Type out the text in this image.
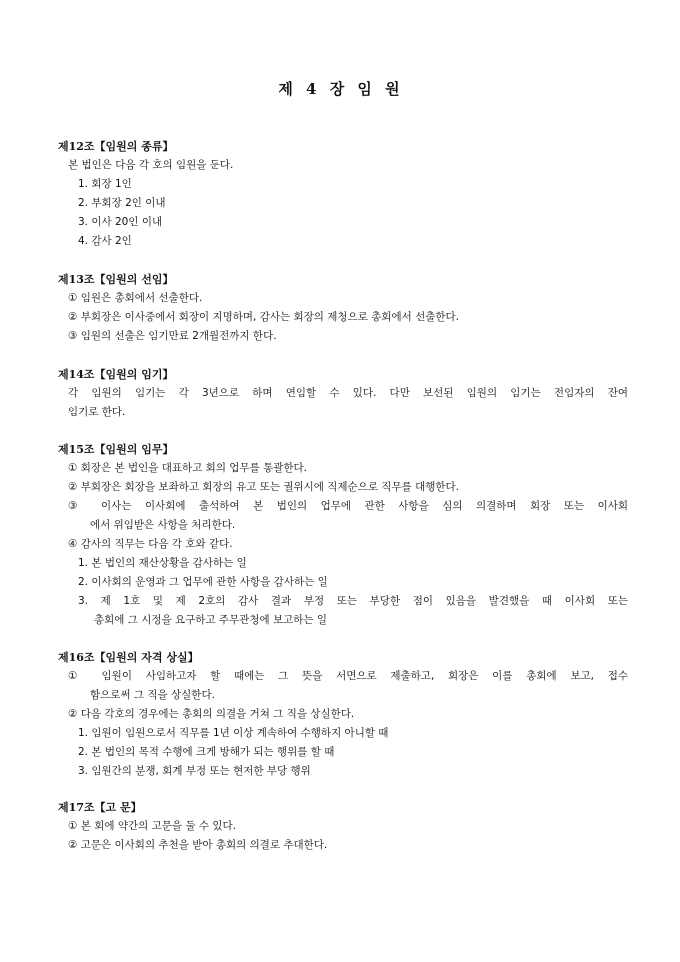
제 4 장 임 원
제12조【임원의 종류】
본 법인은 다음 각 호의 임원을 둔다.
1. 회장 1인
2. 부회장 2인 이내
3. 이사 20인 이내
4. 감사 2인
제13조【임원의 선임】
① 임원은 총회에서 선출한다.
② 부회장은 이사중에서 회장이 지명하며, 감사는 회장의 제청으로 총회에서 선출한다.
③ 임원의 선출은 임기만료 2개월전까지 한다.
제14조【임원의 임기】
각 임원의 임기는 각 3년으로 하며 연임할 수 있다. 다만 보선된 임원의 임기는 전임자의 잔여
임기로 한다.
제15조【임원의 임무】
① 회장은 본 법인을 대표하고 회의 업무를 통괄한다.
② 부회장은 회장을 보좌하고 회장의 유고 또는 궐위시에 직제순으로 직무를 대행한다.
③ 이사는 이사회에 출석하여 본 법인의 업무에 관한 사항을 심의 의결하며 회장 또는 이사회
에서 위임받은 사항을 처리한다.
④ 감사의 직무는 다음 각 호와 같다.
1. 본 법인의 재산상황을 감사하는 일
2. 이사회의 운영과 그 업무에 관한 사항을 감사하는 일
3. 제 1호 및 제 2호의 감사 결과 부정 또는 부당한 점이 있음을 발견했을 때 이사회 또는
총회에 그 시정을 요구하고 주무관청에 보고하는 일
제16조【임원의 자격 상실】
① 임원이 사임하고자 할 때에는 그 뜻을 서면으로 제출하고, 회장은 이를 총회에 보고, 접수
함으로써 그 직을 상실한다.
② 다음 각호의 경우에는 총회의 의결을 거쳐 그 직을 상실한다.
1. 임원이 임원으로서 직무를 1년 이상 계속하여 수행하지 아니할 때
2. 본 법인의 목적 수행에 크게 방해가 되는 행위를 할 때
3. 임원간의 분쟁, 회계 부정 또는 현저한 부당 행위
제17조【고 문】
① 본 회에 약간의 고문을 둘 수 있다.
② 고문은 이사회의 추천을 받아 총회의 의결로 추대한다.
